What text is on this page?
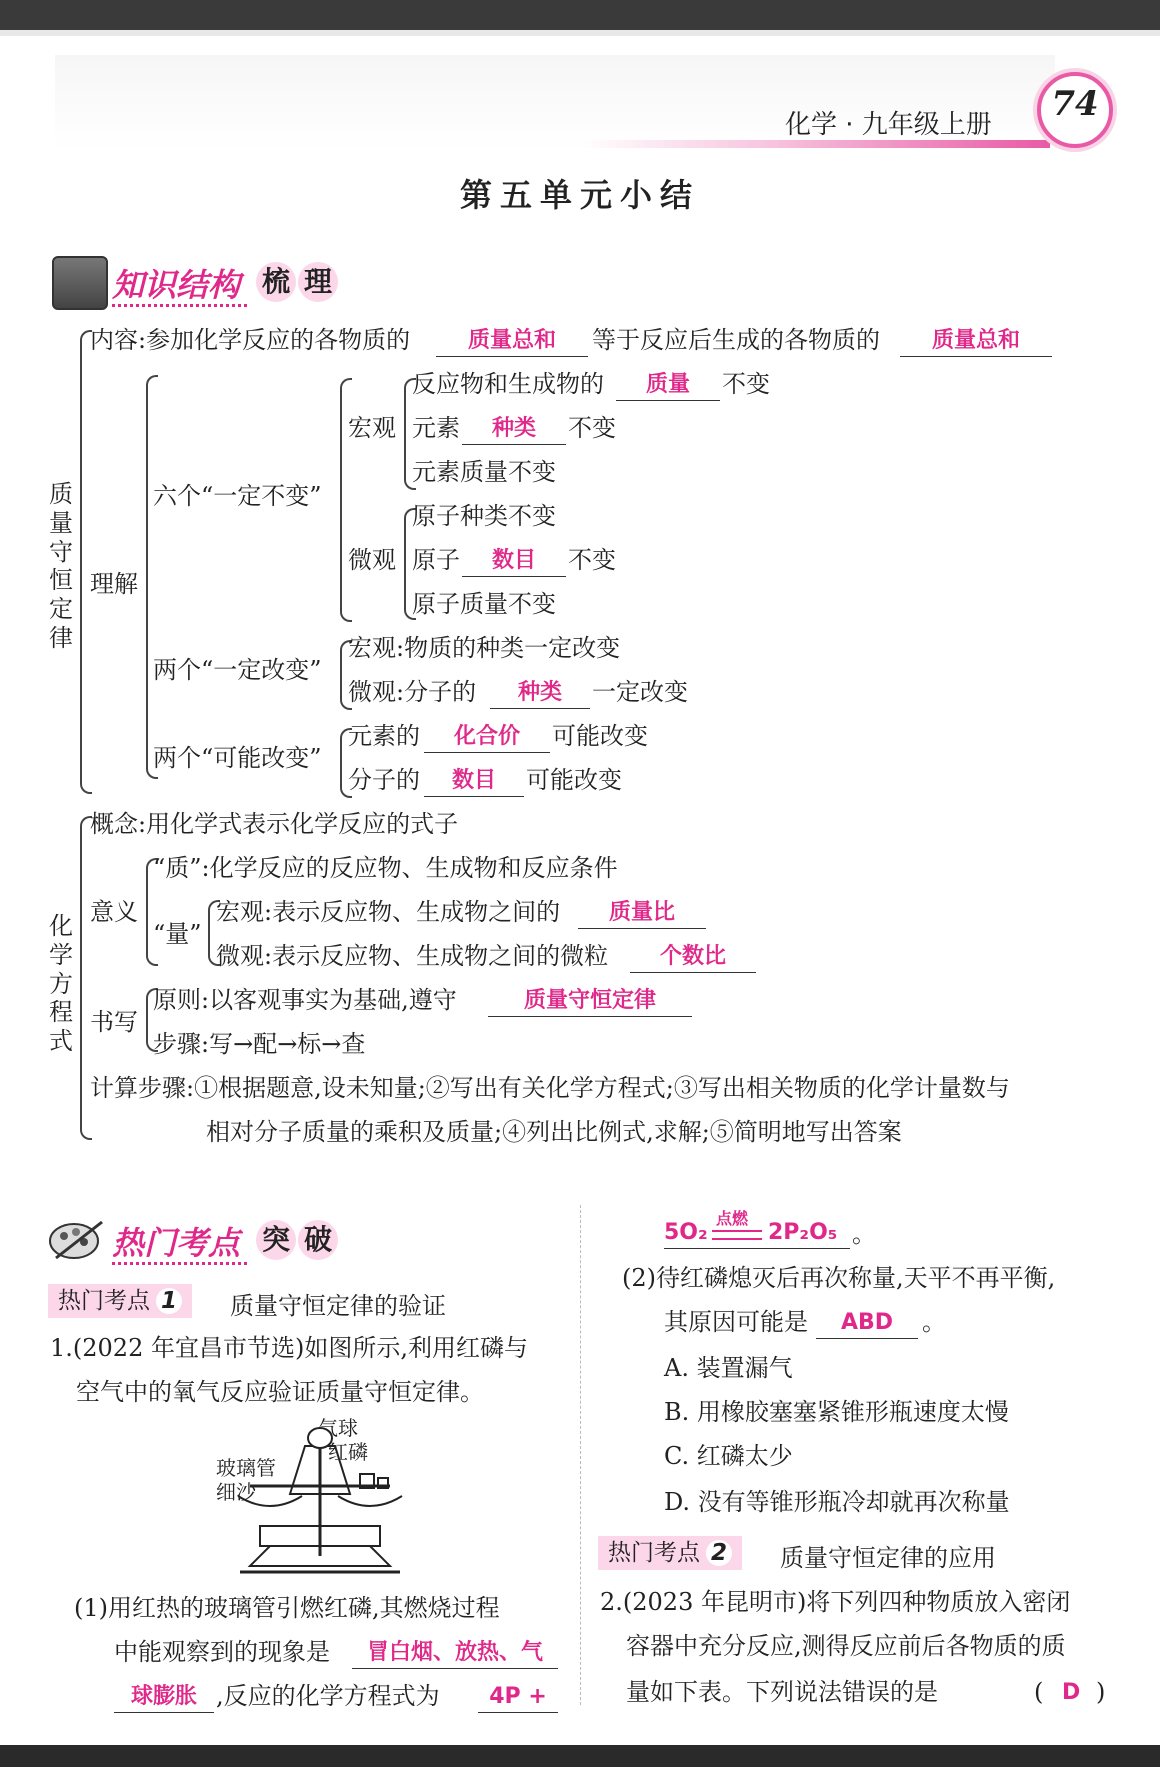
化学 · 九年级上册
74
第五单元小结
知识结构 梳 理
质量守恒定律
内容:参加化学反应的各物质的	质量总和	等于反应后生成的各物质的	质量总和
理解
六个“一定不变”
宏观
反应物和生成物的	质量	不变
元素	种类	不变
元素质量不变
微观
原子种类不变
原子	数目	不变
原子质量不变
两个“一定改变”
宏观:物质的种类一定改变
微观:分子的	种类	一定改变
两个“可能改变”
元素的	化合价	可能改变
分子的	数目	可能改变
化学方程式
概念:用化学式表示化学反应的式子
意义
“质”:化学反应的反应物、生成物和反应条件
“量”
宏观:表示反应物、生成物之间的	质量比
微观:表示反应物、生成物之间的微粒	个数比
书写
原则:以客观事实为基础,遵守	质量守恒定律
步骤:写→配→标→查
计算步骤:①根据题意,设未知量;②写出有关化学方程式;③写出相关物质的化学计量数与
相对分子质量的乘积及质量;④列出比例式,求解;⑤简明地写出答案
热门考点 突 破
热门考点 1	质量守恒定律的验证
1.(2022 年宜昌市节选)如图所示,利用红磷与
空气中的氧气反应验证质量守恒定律。
气球
红磷
玻璃管
细沙
(1)用红热的玻璃管引燃红磷,其燃烧过程
中能观察到的现象是	冒白烟、放热、气
球膨胀 ,反应的化学方程式为	4P +
5O₂
点燃
2P₂O₅ 。
(2)待红磷熄灭后再次称量,天平不再平衡,
其原因可能是	ABD	。
A. 装置漏气
B. 用橡胶塞塞紧锥形瓶速度太慢
C. 红磷太少
D. 没有等锥形瓶冷却就再次称量
热门考点 2	质量守恒定律的应用
2.(2023 年昆明市)将下列四种物质放入密闭
容器中充分反应,测得反应前后各物质的质
量如下表。下列说法错误的是	( D )
